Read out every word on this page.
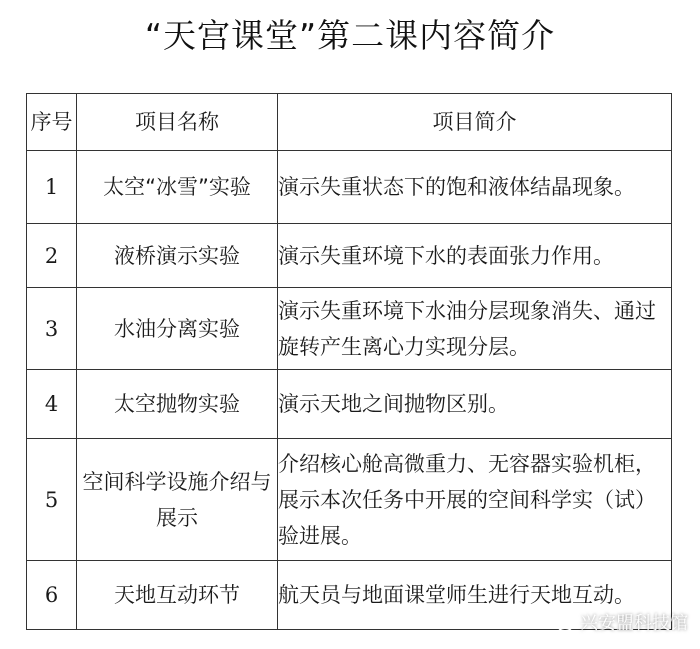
“天宫课堂”第二课内容简介
序号	项目名称	项目简介
1	太空“冰雪”实验	演示失重状态下的饱和液体结晶现象。
2	液桥演示实验	演示失重环境下水的表面张力作用。
3	水油分离实验	演示失重环境下水油分层现象消失、通过旋转产生离心力实现分层。
4	太空抛物实验	演示天地之间抛物区别。
5	空间科学设施介绍与展示	介绍核心舱高微重力、无容器实验机柜，展示本次任务中开展的空间科学实（试）验进展。
6	天地互动环节	航天员与地面课堂师生进行天地互动。
兴安盟科技馆
